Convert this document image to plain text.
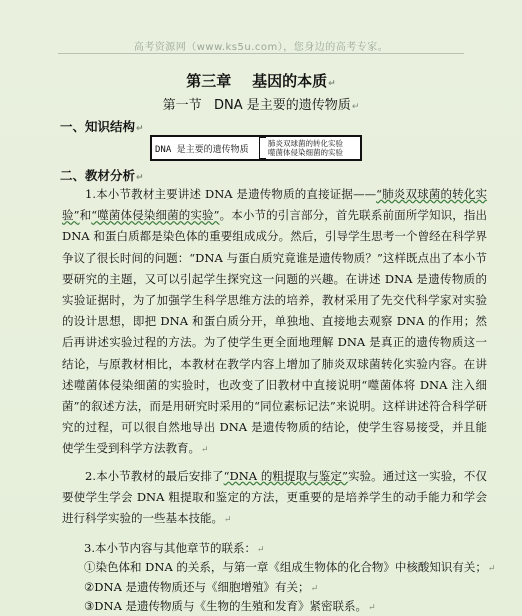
高考资源网（www.ks5u.com），您身边的高考专家。
第三章    基因的本质↵
第一节   DNA 是主要的遗传物质↵
一、知识结构↵
DNA 是主要的遗传物质
肺炎双球菌的转化实验
噬菌体侵染细菌的实验
二、教材分析↵

1.本小节教材主要讲述 DNA 是遗传物质的直接证据——“肺炎双球菌的转化实验”和“噬菌体侵染细菌的实验”。本小节的引言部分，首先联系前面所学知识，指出 DNA 和蛋白质都是染色体的重要组成成分。然后，引导学生思考一个曾经在科学界争议了很长时间的问题：“DNA 与蛋白质究竟谁是遗传物质？”这样既点出了本小节要研究的主题，又可以引起学生探究这一问题的兴趣。在讲述 DNA 是遗传物质的实验证据时，为了加强学生科学思维方法的培养，教材采用了先交代科学家对实验的设计思想，即把 DNA 和蛋白质分开，单独地、直接地去观察 DNA 的作用；然后再讲述实验过程的方法。为了使学生更全面地理解 DNA 是真正的遗传物质这一结论，与原教材相比，本教材在教学内容上增加了肺炎双球菌转化实验内容。在讲述噬菌体侵染细菌的实验时，也改变了旧教材中直接说明“噬菌体将 DNA 注入细菌”的叙述方法，而是用研究时采用的“同位素标记法”来说明。这样讲述符合科学研究的过程，可以很自然地导出 DNA 是遗传物质的结论，使学生容易接受，并且能使学生受到科学方法教育。↵

2.本小节教材的最后安排了“DNA 的粗提取与鉴定”实验。通过这一实验，不仅要使学生学会 DNA 粗提取和鉴定的方法，更重要的是培养学生的动手能力和学会进行科学实验的一些基本技能。↵

3.本小节内容与其他章节的联系：↵
①染色体和 DNA 的关系，与第一章《组成生物体的化合物》中核酸知识有关；↵
②DNA 是遗传物质还与《细胞增殖》有关；↵
③DNA 是遗传物质与《生物的生殖和发育》紧密联系。↵
